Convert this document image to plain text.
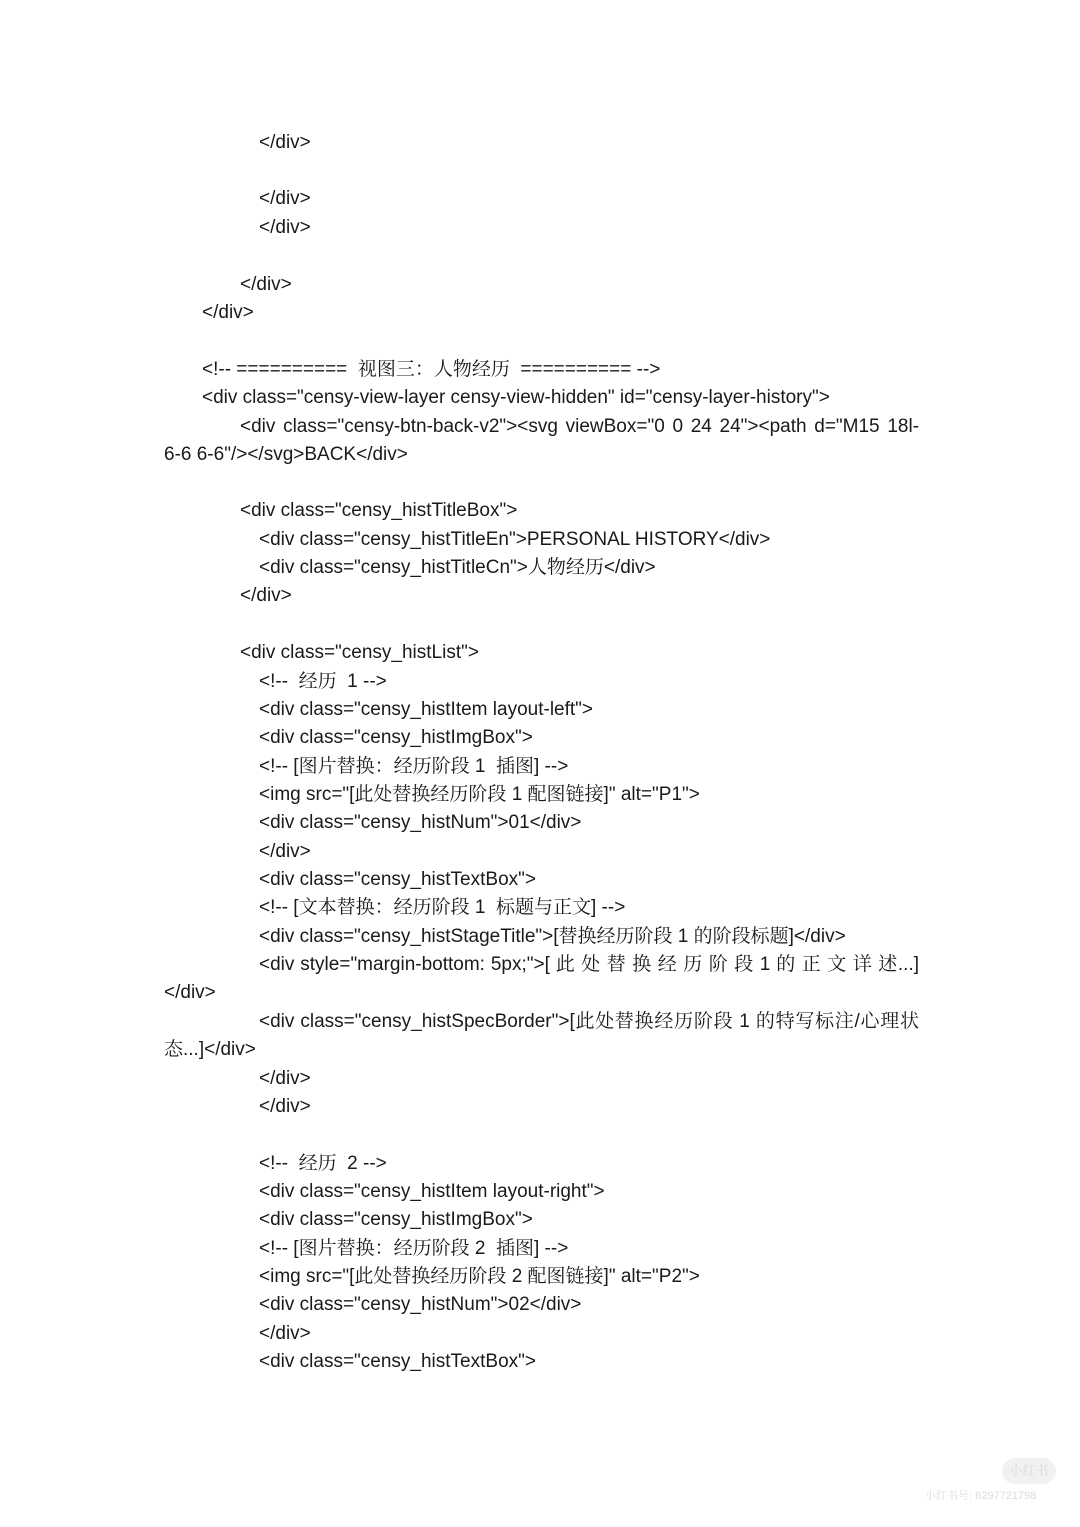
</div>
</div>
</div>
</div>
</div>
<!-- ==========  视图三：人物经历  ========== -->
<div class="censy-view-layer censy-view-hidden" id="censy-layer-history">
<div class="censy-btn-back-v2"><svg viewBox="0 0 24 24"><path d="M15 18l-6-6 6-6"/></svg>BACK</div>
<div class="censy_histTitleBox">
<div class="censy_histTitleEn">PERSONAL HISTORY</div>
<div class="censy_histTitleCn">人物经历</div>
</div>
<div class="censy_histList">
<!--  经历  1 -->
<div class="censy_histItem layout-left">
<div class="censy_histImgBox">
<!-- [图片替换：经历阶段 1  插图] -->
<img src="[此处替换经历阶段 1 配图链接]" alt="P1">
<div class="censy_histNum">01</div>
</div>
<div class="censy_histTextBox">
<!-- [文本替换：经历阶段 1  标题与正文] -->
<div class="censy_histStageTitle">[替换经历阶段 1 的阶段标题]</div>
<div style="margin-bottom: 5px;">[ 此 处 替 换 经 历 阶 段 1 的 正 文 详 述...]</div>
<div class="censy_histSpecBorder">[此处替换经历阶段 1 的特写标注/心理状态...]</div>
</div>
</div>
<!--  经历  2 -->
<div class="censy_histItem layout-right">
<div class="censy_histImgBox">
<!-- [图片替换：经历阶段 2  插图] -->
<img src="[此处替换经历阶段 2 配图链接]" alt="P2">
<div class="censy_histNum">02</div>
</div>
<div class="censy_histTextBox">
小红书
小红书号: 6297721798
